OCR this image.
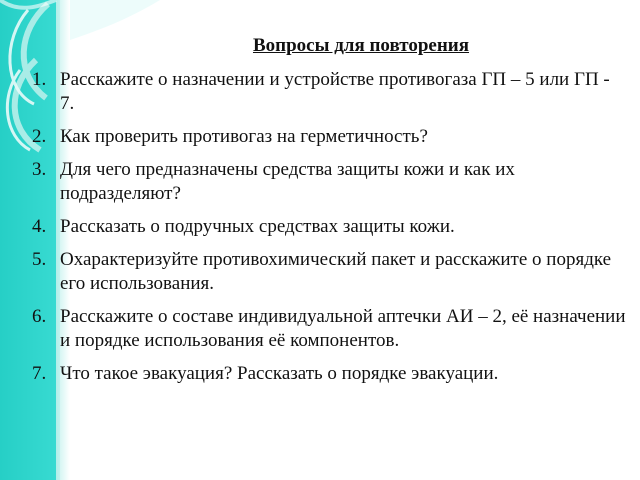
Вопросы для повторения
1. Расскажите о назначении и устройстве противогаза ГП – 5 или ГП - 7.
2. Как проверить противогаз на герметичность?
3. Для чего предназначены средства защиты кожи и как их подразделяют?
4. Рассказать о подручных средствах защиты кожи.
5. Охарактеризуйте противохимический пакет и расскажите о порядке его использования.
6. Расскажите о составе индивидуальной аптечки АИ – 2, её назначении и порядке использования её компонентов.
7. Что такое эвакуация? Рассказать о порядке эвакуации.
